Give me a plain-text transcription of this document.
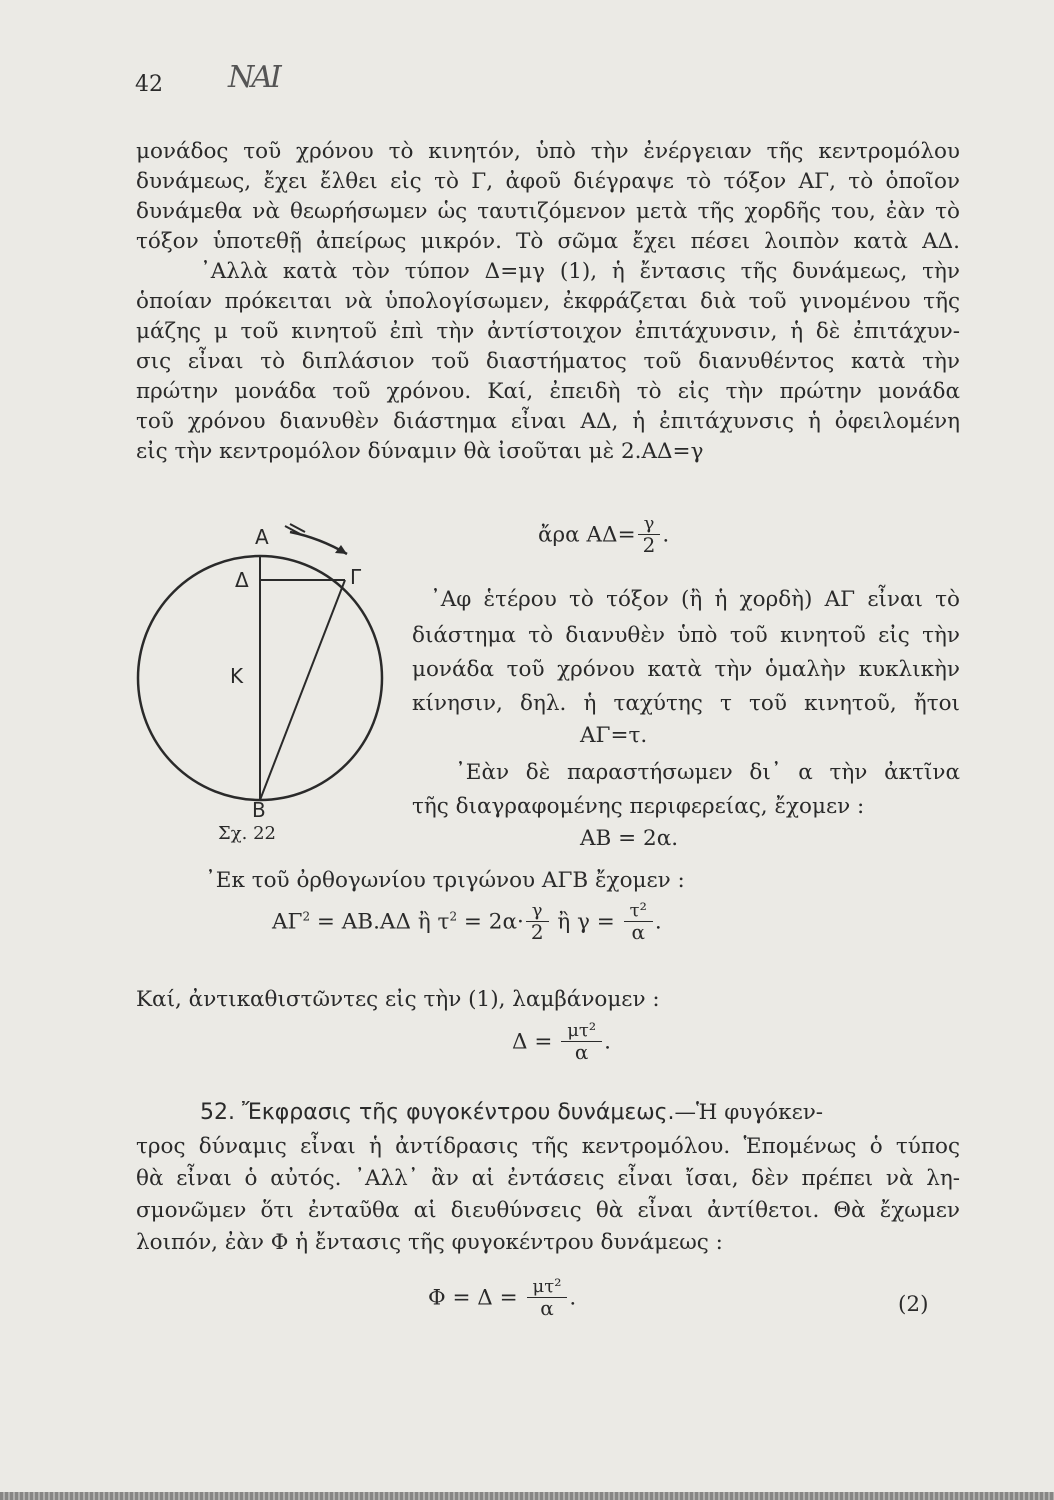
42 ΝΑΙ
μονάδος τοῦ χρόνου τὸ κινητόν, ὑπὸ τὴν ἐνέργειαν τῆς κεντρομόλου
δυνάμεως, ἔχει ἔλθει εἰς τὸ Γ, ἀφοῦ διέγραψε τὸ τόξον ΑΓ, τὸ ὁποῖον
δυνάμεθα νὰ θεωρήσωμεν ὡς ταυτιζόμενον μετὰ τῆς χορδῆς του, ἐὰν τὸ
τόξον ὑποτεθῇ ἀπείρως μικρόν. Τὸ σῶμα ἔχει πέσει λοιπὸν κατὰ ΑΔ.
᾿Αλλὰ κατὰ τὸν τύπον Δ=μγ (1), ἡ ἔντασις τῆς δυνάμεως, τὴν
ὁποίαν πρόκειται νὰ ὑπολογίσωμεν, ἐκφράζεται διὰ τοῦ γινομένου τῆς
μάζης μ τοῦ κινητοῦ ἐπὶ τὴν ἀντίστοιχον ἐπιτάχυνσιν, ἡ δὲ ἐπιτάχυν-
σις εἶναι τὸ διπλάσιον τοῦ διαστήματος τοῦ διανυθέντος κατὰ τὴν
πρώτην μονάδα τοῦ χρόνου. Καί, ἐπειδὴ τὸ εἰς τὴν πρώτην μονάδα
τοῦ χρόνου διανυθὲν διάστημα εἶναι ΑΔ, ἡ ἐπιτάχυνσις ἡ ὀφειλομένη
εἰς τὴν κεντρομόλον δύναμιν θὰ ἰσοῦται μὲ 2.ΑΔ=γ
ἄρα $A\Delta= \frac{\gamma}{2}$ .
Α
Δ	Γ
Κ
Β
Σχ. 22
᾿Αφ ἑτέρου τὸ τόξον (ἢ ἡ χορδὴ) ΑΓ εἶναι τὸ
διάστημα τὸ διανυθὲν ὑπὸ τοῦ κινητοῦ εἰς τὴν
μονάδα τοῦ χρόνου κατὰ τὴν ὁμαλὴν κυκλικὴν
κίνησιν, δηλ. ἡ ταχύτης τ τοῦ κινητοῦ, ἤτοι
ΑΓ=τ.
᾿Εὰν δὲ παραστήσωμεν δι᾿ α τὴν ἀκτῖνα
τῆς διαγραφομένης περιφερείας, ἔχομεν :
ΑΒ = 2α.
᾿Εκ τοῦ ὀρθογωνίου τριγώνου ΑΓΒ ἔχομεν :
$A\Gamma^2 = AB.A\Delta$ ἢ $\tau^2 = 2\alpha\cdot \frac{\gamma}{2}$ ἢ $\gamma = \frac{\text{τ²}}{\alpha}$ .
Καί, ἀντικαθιστῶντες εἰς τὴν (1), λαμβάνομεν :
$\Delta = \frac{\text{μτ²}}{\alpha}$ .
52. Ἔκφρασις τῆς φυγοκέντρου δυνάμεως.—Ἡ φυγόκεν-
τρος δύναμις εἶναι ἡ ἀντίδρασις τῆς κεντρομόλου. Ἑπομένως ὁ τύπος
θὰ εἶναι ὁ αὐτός. ᾿Αλλ᾿ ἂν αἱ ἐντάσεις εἶναι ἴσαι, δὲν πρέπει νὰ λη-
σμονῶμεν ὅτι ἐνταῦθα αἱ διευθύνσεις θὰ εἶναι ἀντίθετοι. Θὰ ἔχωμεν
λοιπόν, ἐὰν Φ ἡ ἔντασις τῆς φυγοκέντρου δυνάμεως :
$\Phi = \Delta = \frac{\text{μτ²}}{\alpha}$ .	(2)
